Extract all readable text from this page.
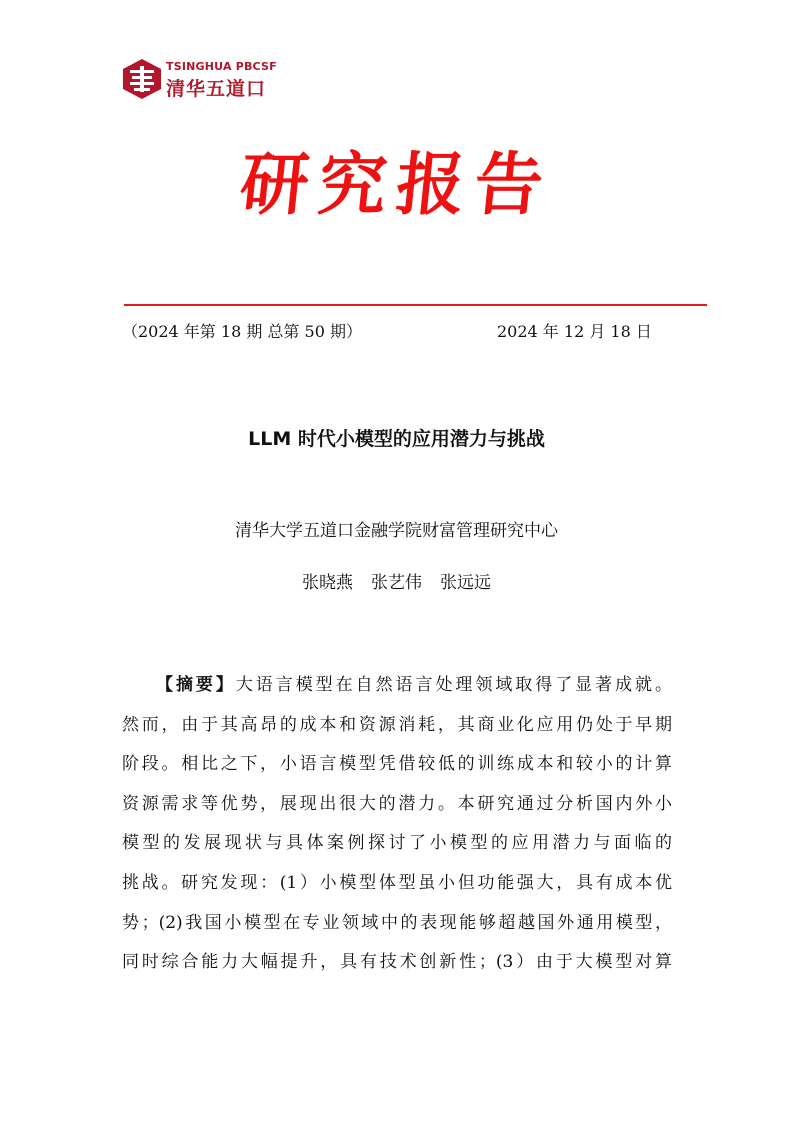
TSINGHUA PBCSF
清华五道口
研究报告
（2024 年第 18 期 总第 50 期）	2024 年 12 月 18 日
LLM 时代小模型的应用潜力与挑战
清华大学五道口金融学院财富管理研究中心
张晓燕 张艺伟 张远远
【摘要】大语言模型在自然语言处理领域取得了显著成就。
然而，由于其高昂的成本和资源消耗，其商业化应用仍处于早期
阶段。相比之下，小语言模型凭借较低的训练成本和较小的计算
资源需求等优势，展现出很大的潜力。本研究通过分析国内外小
模型的发展现状与具体案例探讨了小模型的应用潜力与面临的
挑战。研究发现：(1）小模型体型虽小但功能强大，具有成本优
势；(2)我国小模型在专业领域中的表现能够超越国外通用模型，
同时综合能力大幅提升，具有技术创新性；(3）由于大模型对算
